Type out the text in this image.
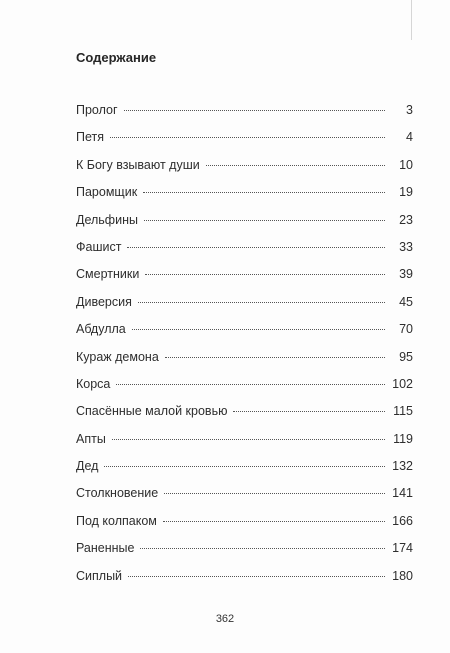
Содержание
Пролог	3
Петя	4
К Богу взывают души	10
Паромщик	19
Дельфины	23
Фашист	33
Смертники	39
Диверсия	45
Абдулла	70
Кураж демона	95
Корса	102
Спасённые малой кровью	115
Апты	119
Дед	132
Столкновение	141
Под колпаком	166
Раненные	174
Сиплый	180
362
